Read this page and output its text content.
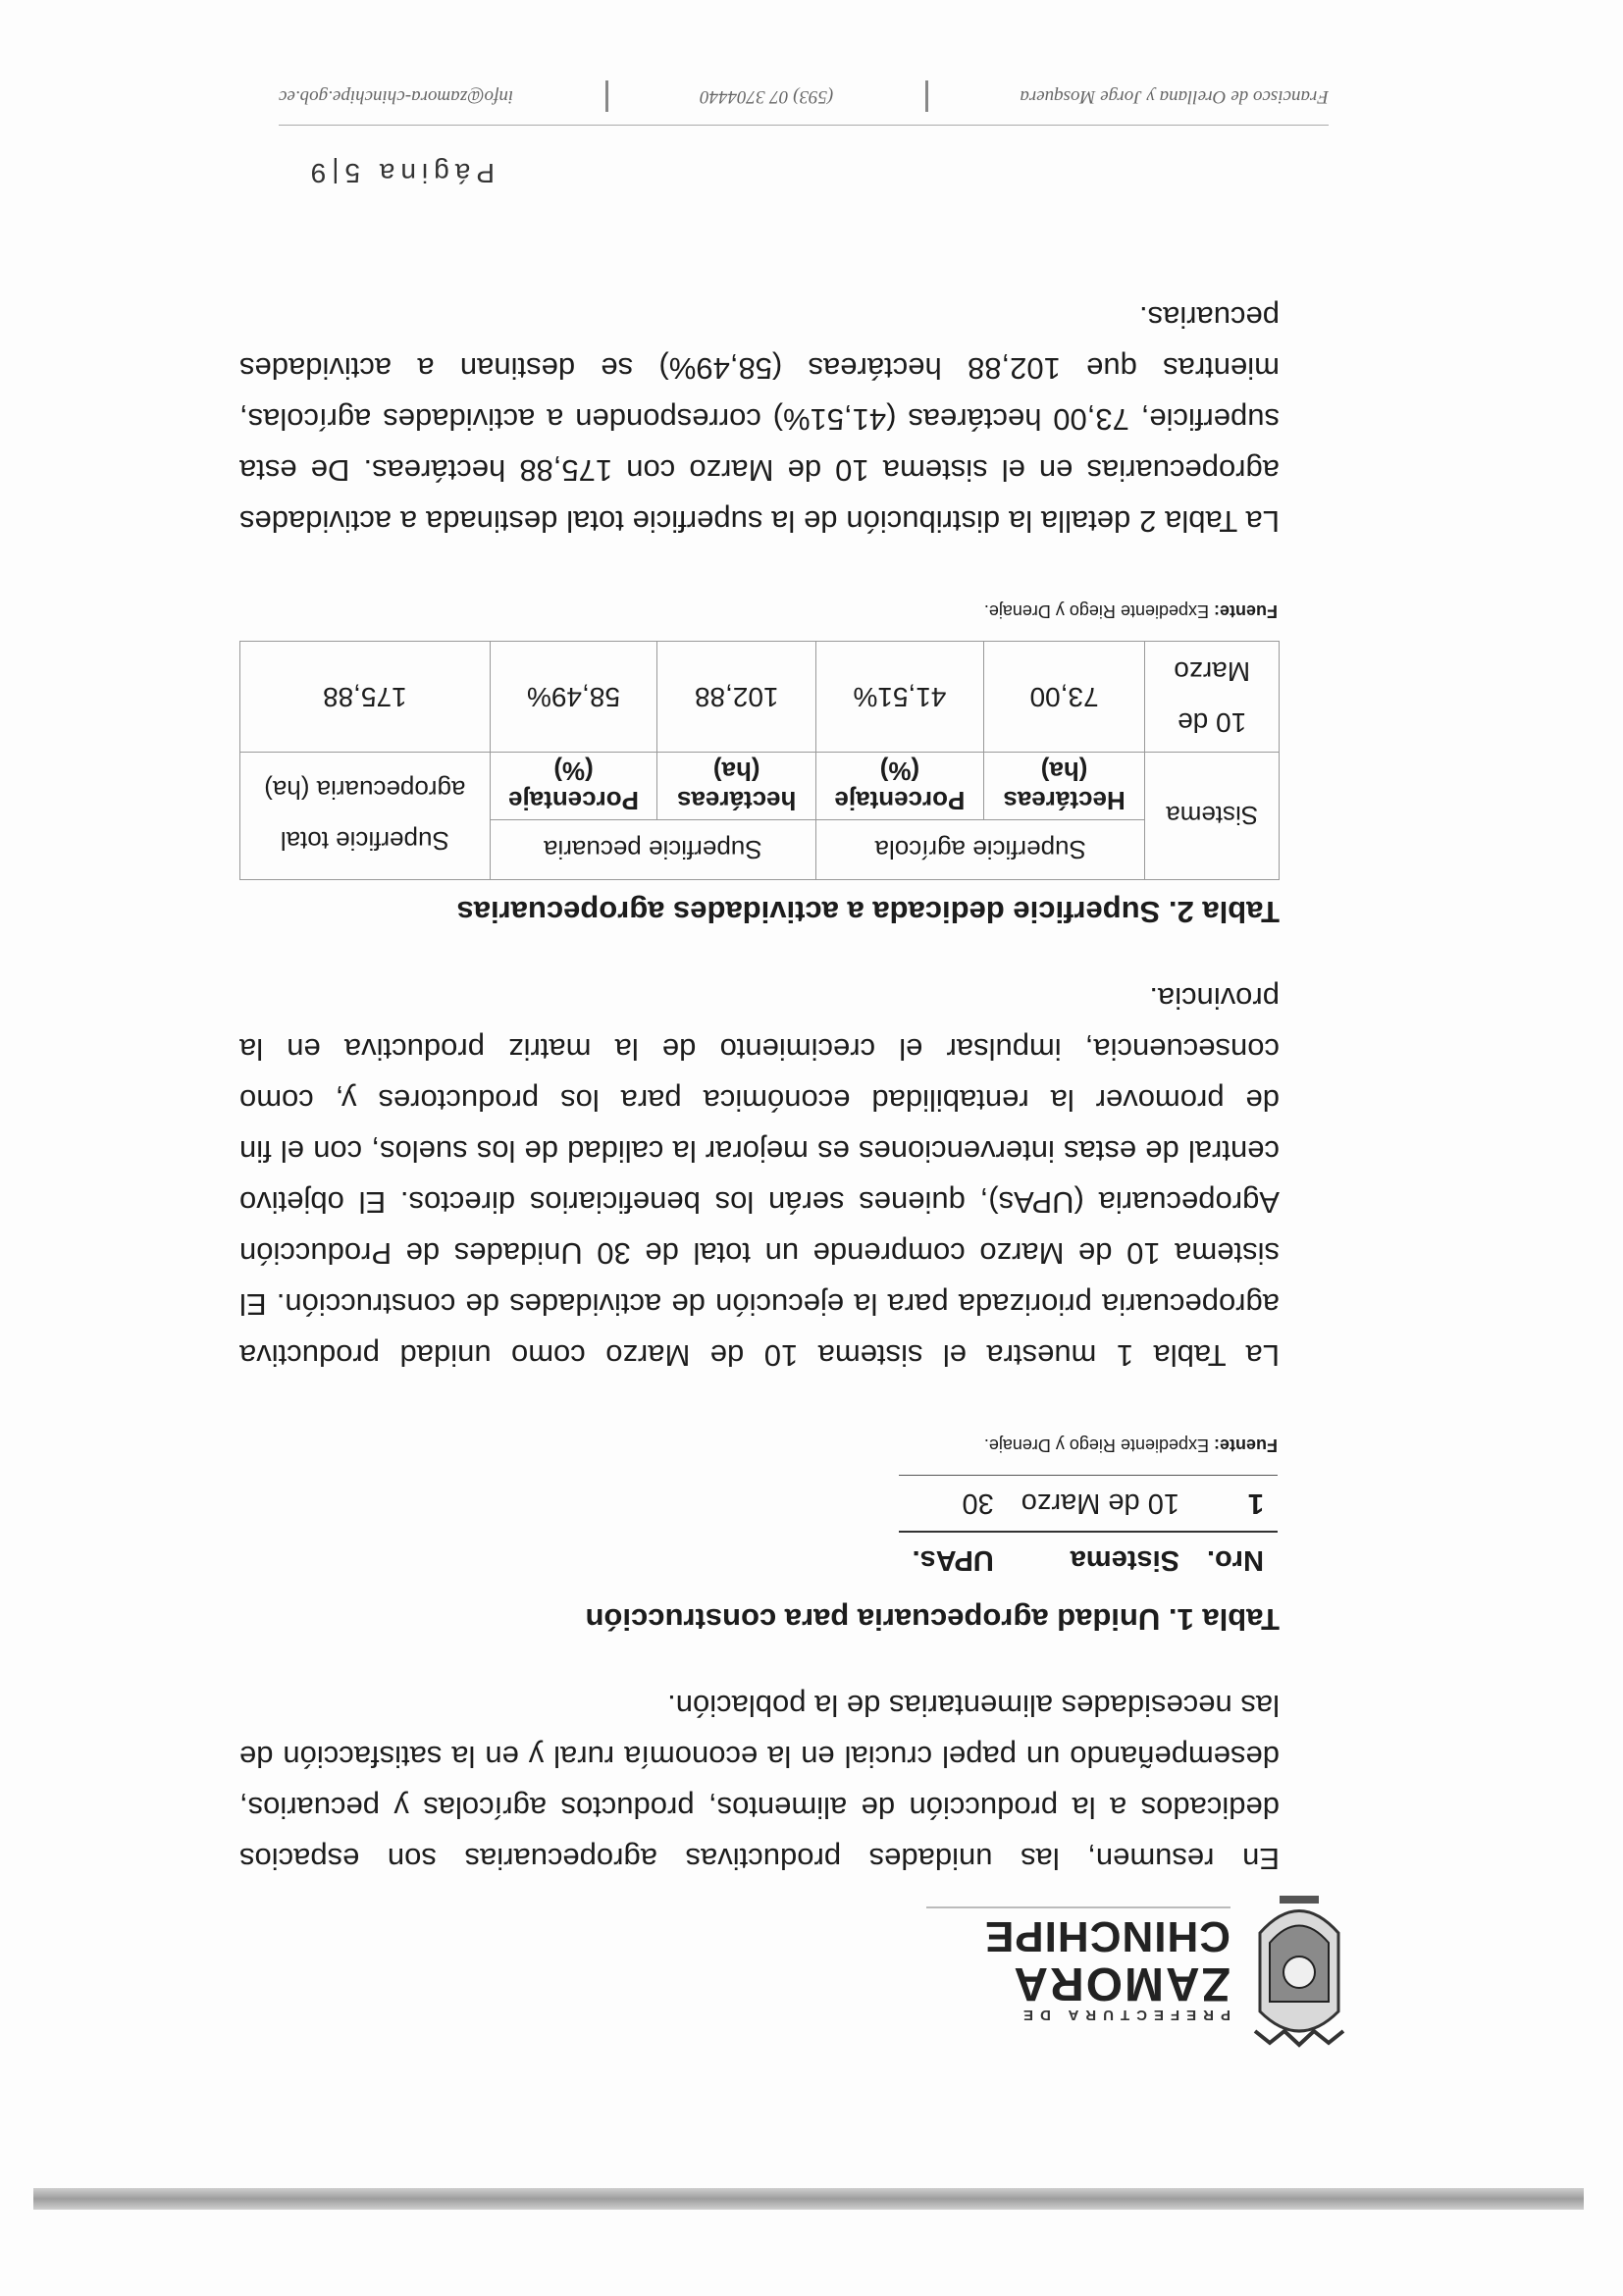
PREFECTURA DE
ZAMORA
CHINCHIPE

En resumen, las unidades productivas agropecuarias son espacios dedicados a la producción de alimentos, productos agrícolas y pecuarios, desempeñando un papel crucial en la economía rural y en la satisfacción de las necesidades alimentarias de la población.

Tabla 1. Unidad agropecuaria para construcción
Nro.	Sistema	UPAs.
1	10 de Marzo	30
Fuente: Expediente Riego y Drenaje.

La Tabla 1 muestra el sistema 10 de Marzo como unidad productiva agropecuaria priorizada para la ejecución de actividades de construcción. El sistema 10 de Marzo comprende un total de 30 Unidades de Producción Agropecuaria (UPAs), quienes serán los beneficiarios directos. El objetivo central de estas intervenciones es mejorar la calidad de los suelos, con el fin de promover la rentabilidad económica para los productores y, como consecuencia, impulsar el crecimiento de la matriz productiva en la provincia.

Tabla 2. Superficie dedicada a actividades agropecuarias
Sistema	Superficie agrícola		Superficie pecuaria		Superficie total agropecuaria (ha)
	Hectáreas (ha)	Porcentaje (%)	hectáreas (ha)	Porcentaje (%)	
10 de Marzo	73,00	41,51%	102,88	58,49%	175,88
Fuente: Expediente Riego y Drenaje.

La Tabla 2 detalla la distribución de la superficie total destinada a actividades agropecuarias en el sistema 10 de Marzo con 175,88 hectáreas. De esta superficie, 73,00 hectáreas (41,51%) corresponden a actividades agrícolas, mientras que 102,88 hectáreas (58,49%) se destinan a actividades pecuarias.

Página 5|9
Francisco de Orellana y Jorge Mosquera
(593) 07 3704440
info@zamora-chinchipe.gob.ec
